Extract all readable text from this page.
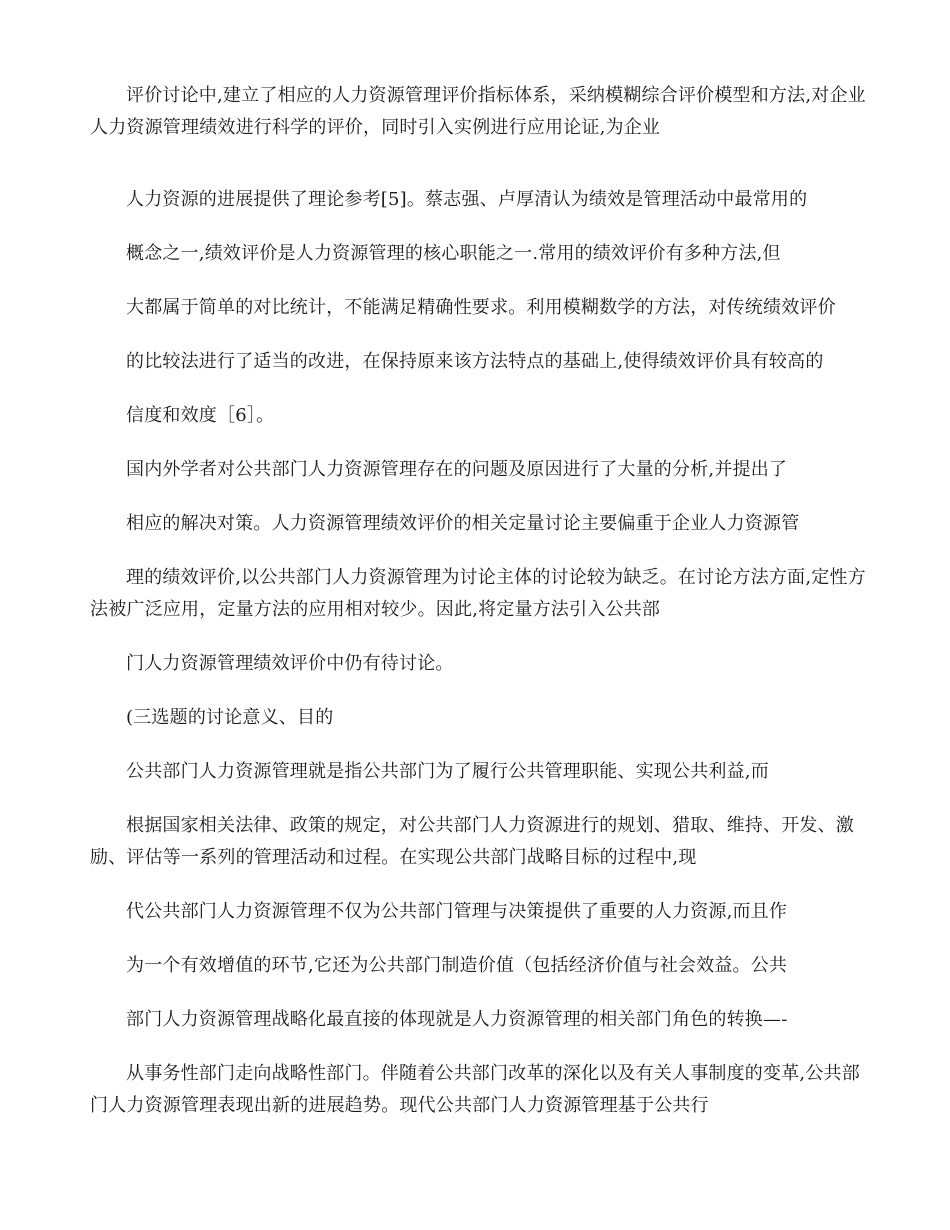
评价讨论中,建立了相应的人力资源管理评价指标体系，采纳模糊综合评价模型和方法,对企业人力资源管理绩效进行科学的评价，同时引入实例进行应用论证,为企业

人力资源的进展提供了理论参考[5]。蔡志强、卢厚清认为绩效是管理活动中最常用的

概念之一,绩效评价是人力资源管理的核心职能之一.常用的绩效评价有多种方法,但

大都属于简单的对比统计，不能满足精确性要求。利用模糊数学的方法，对传统绩效评价

的比较法进行了适当的改进，在保持原来该方法特点的基础上,使得绩效评价具有较高的

信度和效度［6］。

国内外学者对公共部门人力资源管理存在的问题及原因进行了大量的分析,并提出了

相应的解决对策。人力资源管理绩效评价的相关定量讨论主要偏重于企业人力资源管

理的绩效评价,以公共部门人力资源管理为讨论主体的讨论较为缺乏。在讨论方法方面,定性方法被广泛应用，定量方法的应用相对较少。因此,将定量方法引入公共部

门人力资源管理绩效评价中仍有待讨论。

(三选题的讨论意义、目的

公共部门人力资源管理就是指公共部门为了履行公共管理职能、实现公共利益,而

根据国家相关法律、政策的规定，对公共部门人力资源进行的规划、猎取、维持、开发、激励、评估等一系列的管理活动和过程。在实现公共部门战略目标的过程中,现

代公共部门人力资源管理不仅为公共部门管理与决策提供了重要的人力资源,而且作

为一个有效增值的环节,它还为公共部门制造价值（包括经济价值与社会效益。公共

部门人力资源管理战略化最直接的体现就是人力资源管理的相关部门角色的转换—-

从事务性部门走向战略性部门。伴随着公共部门改革的深化以及有关人事制度的变革,公共部门人力资源管理表现出新的进展趋势。现代公共部门人力资源管理基于公共行
